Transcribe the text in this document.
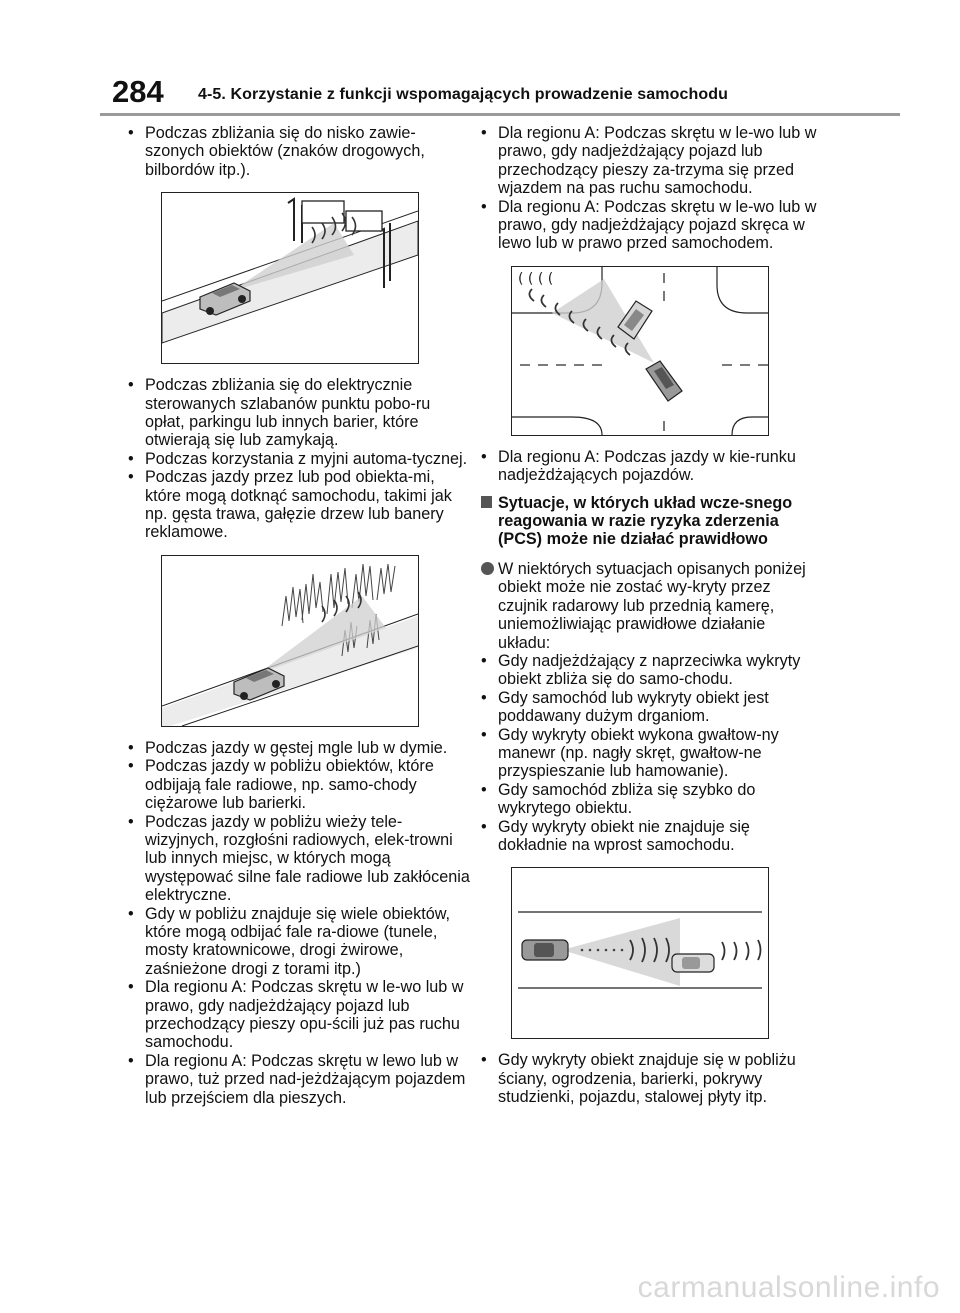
284 4-5. Korzystanie z funkcji wspomagających prowadzenie samochodu
• Podczas zbliżania się do nisko zawie-szonych obiektów (znaków drogowych, bilbordów itp.).
• Podczas zbliżania się do elektrycznie sterowanych szlabanów punktu pobo-ru opłat, parkingu lub innych barier, które otwierają się lub zamykają.
• Podczas korzystania z myjni automa-tycznej.
• Podczas jazdy przez lub pod obiekta-mi, które mogą dotknąć samochodu, takimi jak np. gęsta trawa, gałęzie drzew lub banery reklamowe.
• Podczas jazdy w gęstej mgle lub w dymie.
• Podczas jazdy w pobliżu obiektów, które odbijają fale radiowe, np. samo-chody ciężarowe lub barierki.
• Podczas jazdy w pobliżu wieży tele-wizyjnych, rozgłośni radiowych, elek-trowni lub innych miejsc, w których mogą występować silne fale radiowe lub zakłócenia elektryczne.
• Gdy w pobliżu znajduje się wiele obiektów, które mogą odbijać fale ra-diowe (tunele, mosty kratownicowe, drogi żwirowe, zaśnieżone drogi z torami itp.)
• Dla regionu A: Podczas skrętu w le-wo lub w prawo, gdy nadjeżdżający pojazd lub przechodzący pieszy opu-ścili już pas ruchu samochodu.
• Dla regionu A: Podczas skrętu w lewo lub w prawo, tuż przed nad-jeżdżającym pojazdem lub przejściem dla pieszych.
• Dla regionu A: Podczas skrętu w le-wo lub w prawo, gdy nadjeżdżający pojazd lub przechodzący pieszy za-trzyma się przed wjazdem na pas ruchu samochodu.
• Dla regionu A: Podczas skrętu w le-wo lub w prawo, gdy nadjeżdżający pojazd skręca w lewo lub w prawo przed samochodem.
( ( ( (
• Dla regionu A: Podczas jazdy w kie-runku nadjeżdżających pojazdów.
Sytuacje, w których układ wcze-snego reagowania w razie ryzyka zderzenia (PCS) może nie działać prawidłowo
W niektórych sytuacjach opisanych poniżej obiekt może nie zostać wy-kryty przez czujnik radarowy lub przednią kamerę, uniemożliwiając prawidłowe działanie układu:
• Gdy nadjeżdżający z naprzeciwka wykryty obiekt zbliża się do samo-chodu.
• Gdy samochód lub wykryty obiekt jest poddawany dużym drganiom.
• Gdy wykryty obiekt wykona gwałtow-ny manewr (np. nagły skręt, gwałtow-ne przyspieszanie lub hamowanie).
• Gdy samochód zbliża się szybko do wykrytego obiektu.
• Gdy wykryty obiekt nie znajduje się dokładnie na wprost samochodu.
• Gdy wykryty obiekt znajduje się w pobliżu ściany, ogrodzenia, barierki, pokrywy studzienki, pojazdu, stalowej płyty itp.
carmanualsonline.info
